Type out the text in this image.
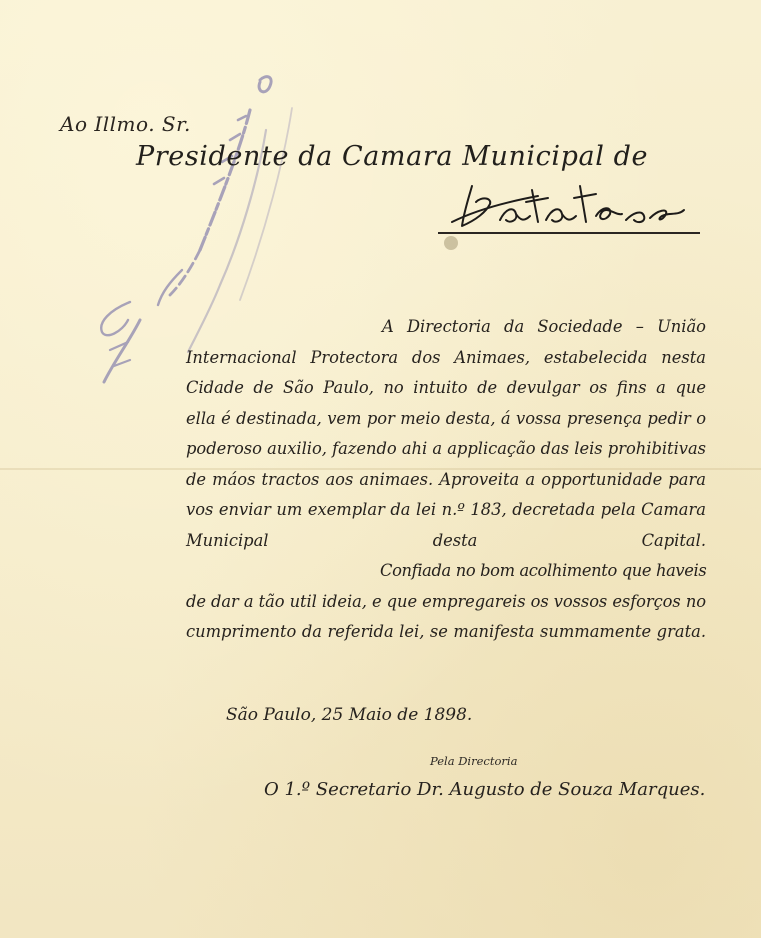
Ao Illmo. Sr.
Presidente da Camara Municipal de

A Directoria da Sociedade – União
Internacional Protectora dos Animaes, estabelecida nesta
Cidade de São Paulo, no intuito de devulgar os fins a que
ella é destinada, vem por meio desta, á vossa presença pedir o
poderoso auxilio, fazendo ahi a applicação das leis prohibitivas
de máos tractos aos animaes. Aproveita a opportunidade para
vos enviar um exemplar da lei n.º 183, decretada pela Camara
Municipal desta Capital.

Confiada no bom acolhimento que haveis
de dar a tão util ideia, e que empregareis os vossos esforços no
cumprimento da referida lei, se manifesta summamente grata.

São Paulo, 25 Maio de 1898.
Pela Directoria
O 1.º Secretario Dr. Augusto de Souza Marques.
